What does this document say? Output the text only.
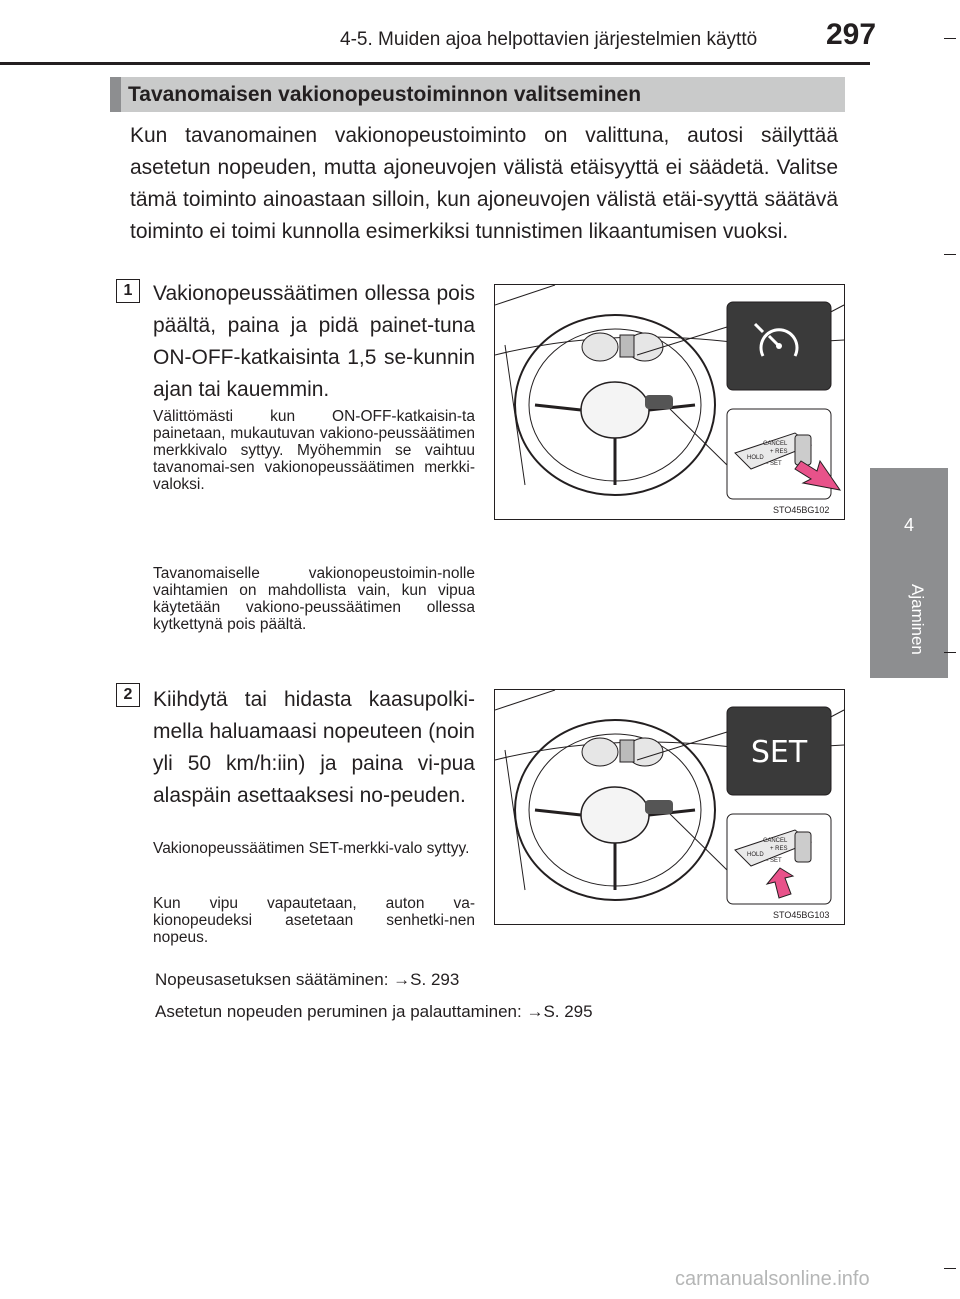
4-5. Muiden ajoa helpottavien järjestelmien käyttö 297
4
Ajaminen
Tavanomaisen vakionopeustoiminnon valitseminen
Kun tavanomainen vakionopeustoiminto on valittuna, autosi säilyttää asetetun nopeuden, mutta ajoneuvojen välistä etäisyyttä ei säädetä. Valitse tämä toiminto ainoastaan silloin, kun ajoneuvojen välistä etäi-syyttä säätävä toiminto ei toimi kunnolla esimerkiksi tunnistimen likaantumisen vuoksi.
1 Vakionopeussäätimen ollessa pois päältä, paina ja pidä painet-tuna ON-OFF-katkaisinta 1,5 se-kunnin ajan tai kauemmin.
Välittömästi kun ON-OFF-katkaisin-ta painetaan, mukautuvan vakiono-peussäätimen merkkivalo syttyy. Myöhemmin se vaihtuu tavanomai-sen vakionopeussäätimen merkki-valoksi.
Tavanomaiselle vakionopeustoimin-nolle vaihtamien on mahdollista vain, kun vipua käytetään vakiono-peussäätimen ollessa kytkettynä pois päältä.
CANCEL
+ RES
HOLD
– SET
STO45BG102
2 Kiihdytä tai hidasta kaasupolki-mella haluamaasi nopeuteen (noin yli 50 km/h:iin) ja paina vi-pua alaspäin asettaaksesi no-peuden.
Vakionopeussäätimen SET-merkki-valo syttyy.
Kun vipu vapautetaan, auton va-kionopeudeksi asetetaan senhetki-nen nopeus.
SET
CANCEL
+ RES
HOLD
– SET
STO45BG103
Nopeusasetuksen säätäminen: →S. 293
Asetetun nopeuden peruminen ja palauttaminen: →S. 295
carmanualsonline.info
